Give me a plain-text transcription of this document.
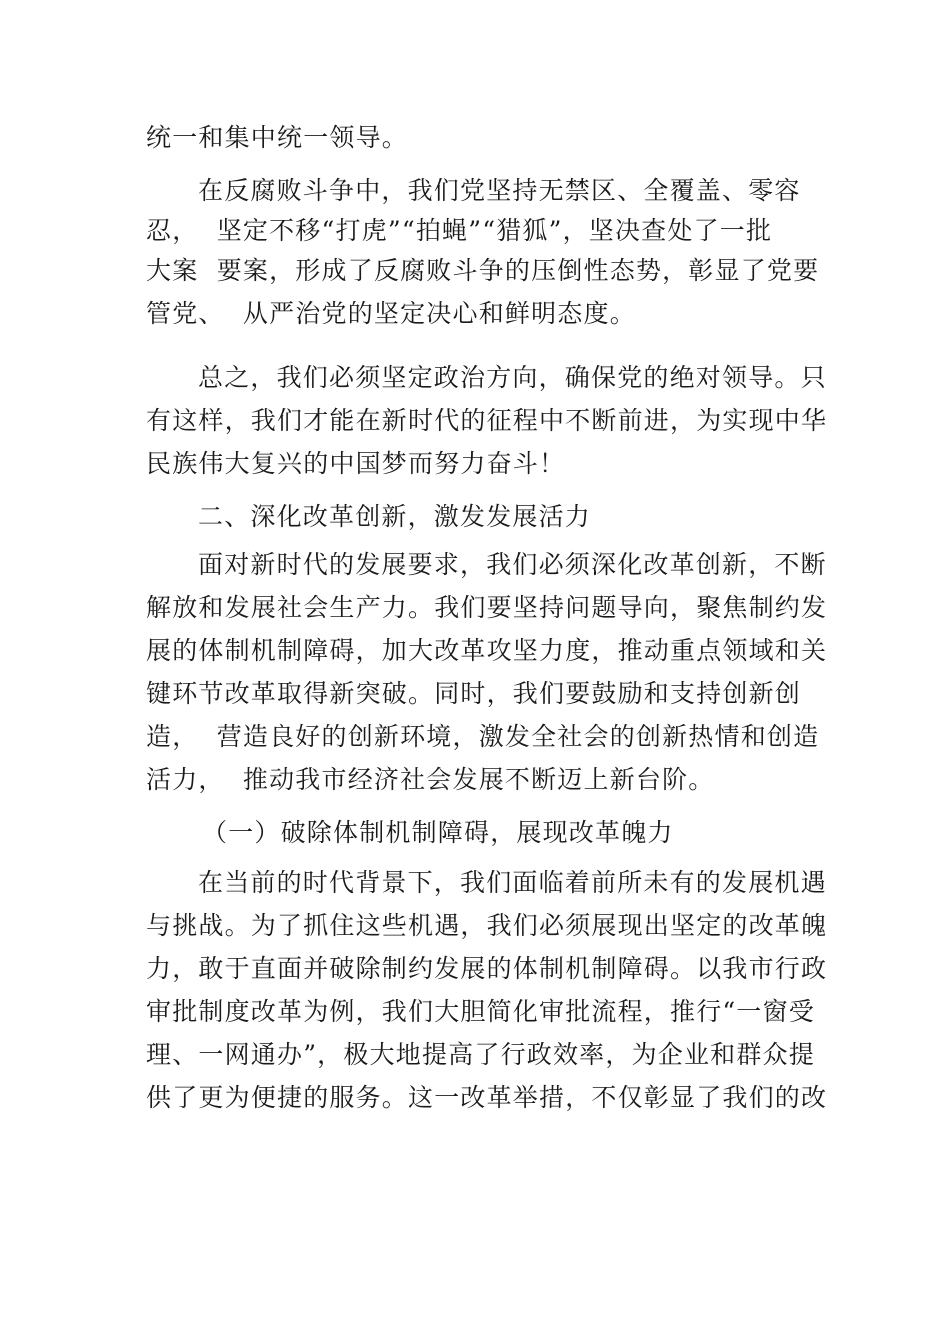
统一和集中统一领导。
在反腐败斗争中，我们党坚持无禁区、全覆盖、零容
忍，  坚定不移“打虎”“拍蝇”“猎狐”，坚决查处了一批
大案  要案，形成了反腐败斗争的压倒性态势，彰显了党要
管党、  从严治党的坚定决心和鲜明态度。
总之，我们必须坚定政治方向，确保党的绝对领导。只
有这样，我们才能在新时代的征程中不断前进，为实现中华
民族伟大复兴的中国梦而努力奋斗！
二、深化改革创新，激发发展活力
面对新时代的发展要求，我们必须深化改革创新，不断
解放和发展社会生产力。我们要坚持问题导向，聚焦制约发
展的体制机制障碍，加大改革攻坚力度，推动重点领域和关
键环节改革取得新突破。同时，我们要鼓励和支持创新创
造，  营造良好的创新环境，激发全社会的创新热情和创造
活力，  推动我市经济社会发展不断迈上新台阶。
（一）破除体制机制障碍，展现改革魄力
在当前的时代背景下，我们面临着前所未有的发展机遇
与挑战。为了抓住这些机遇，我们必须展现出坚定的改革魄
力，敢于直面并破除制约发展的体制机制障碍。以我市行政
审批制度改革为例，我们大胆简化审批流程，推行“一窗受
理、一网通办”，极大地提高了行政效率，为企业和群众提
供了更为便捷的服务。这一改革举措，不仅彰显了我们的改
